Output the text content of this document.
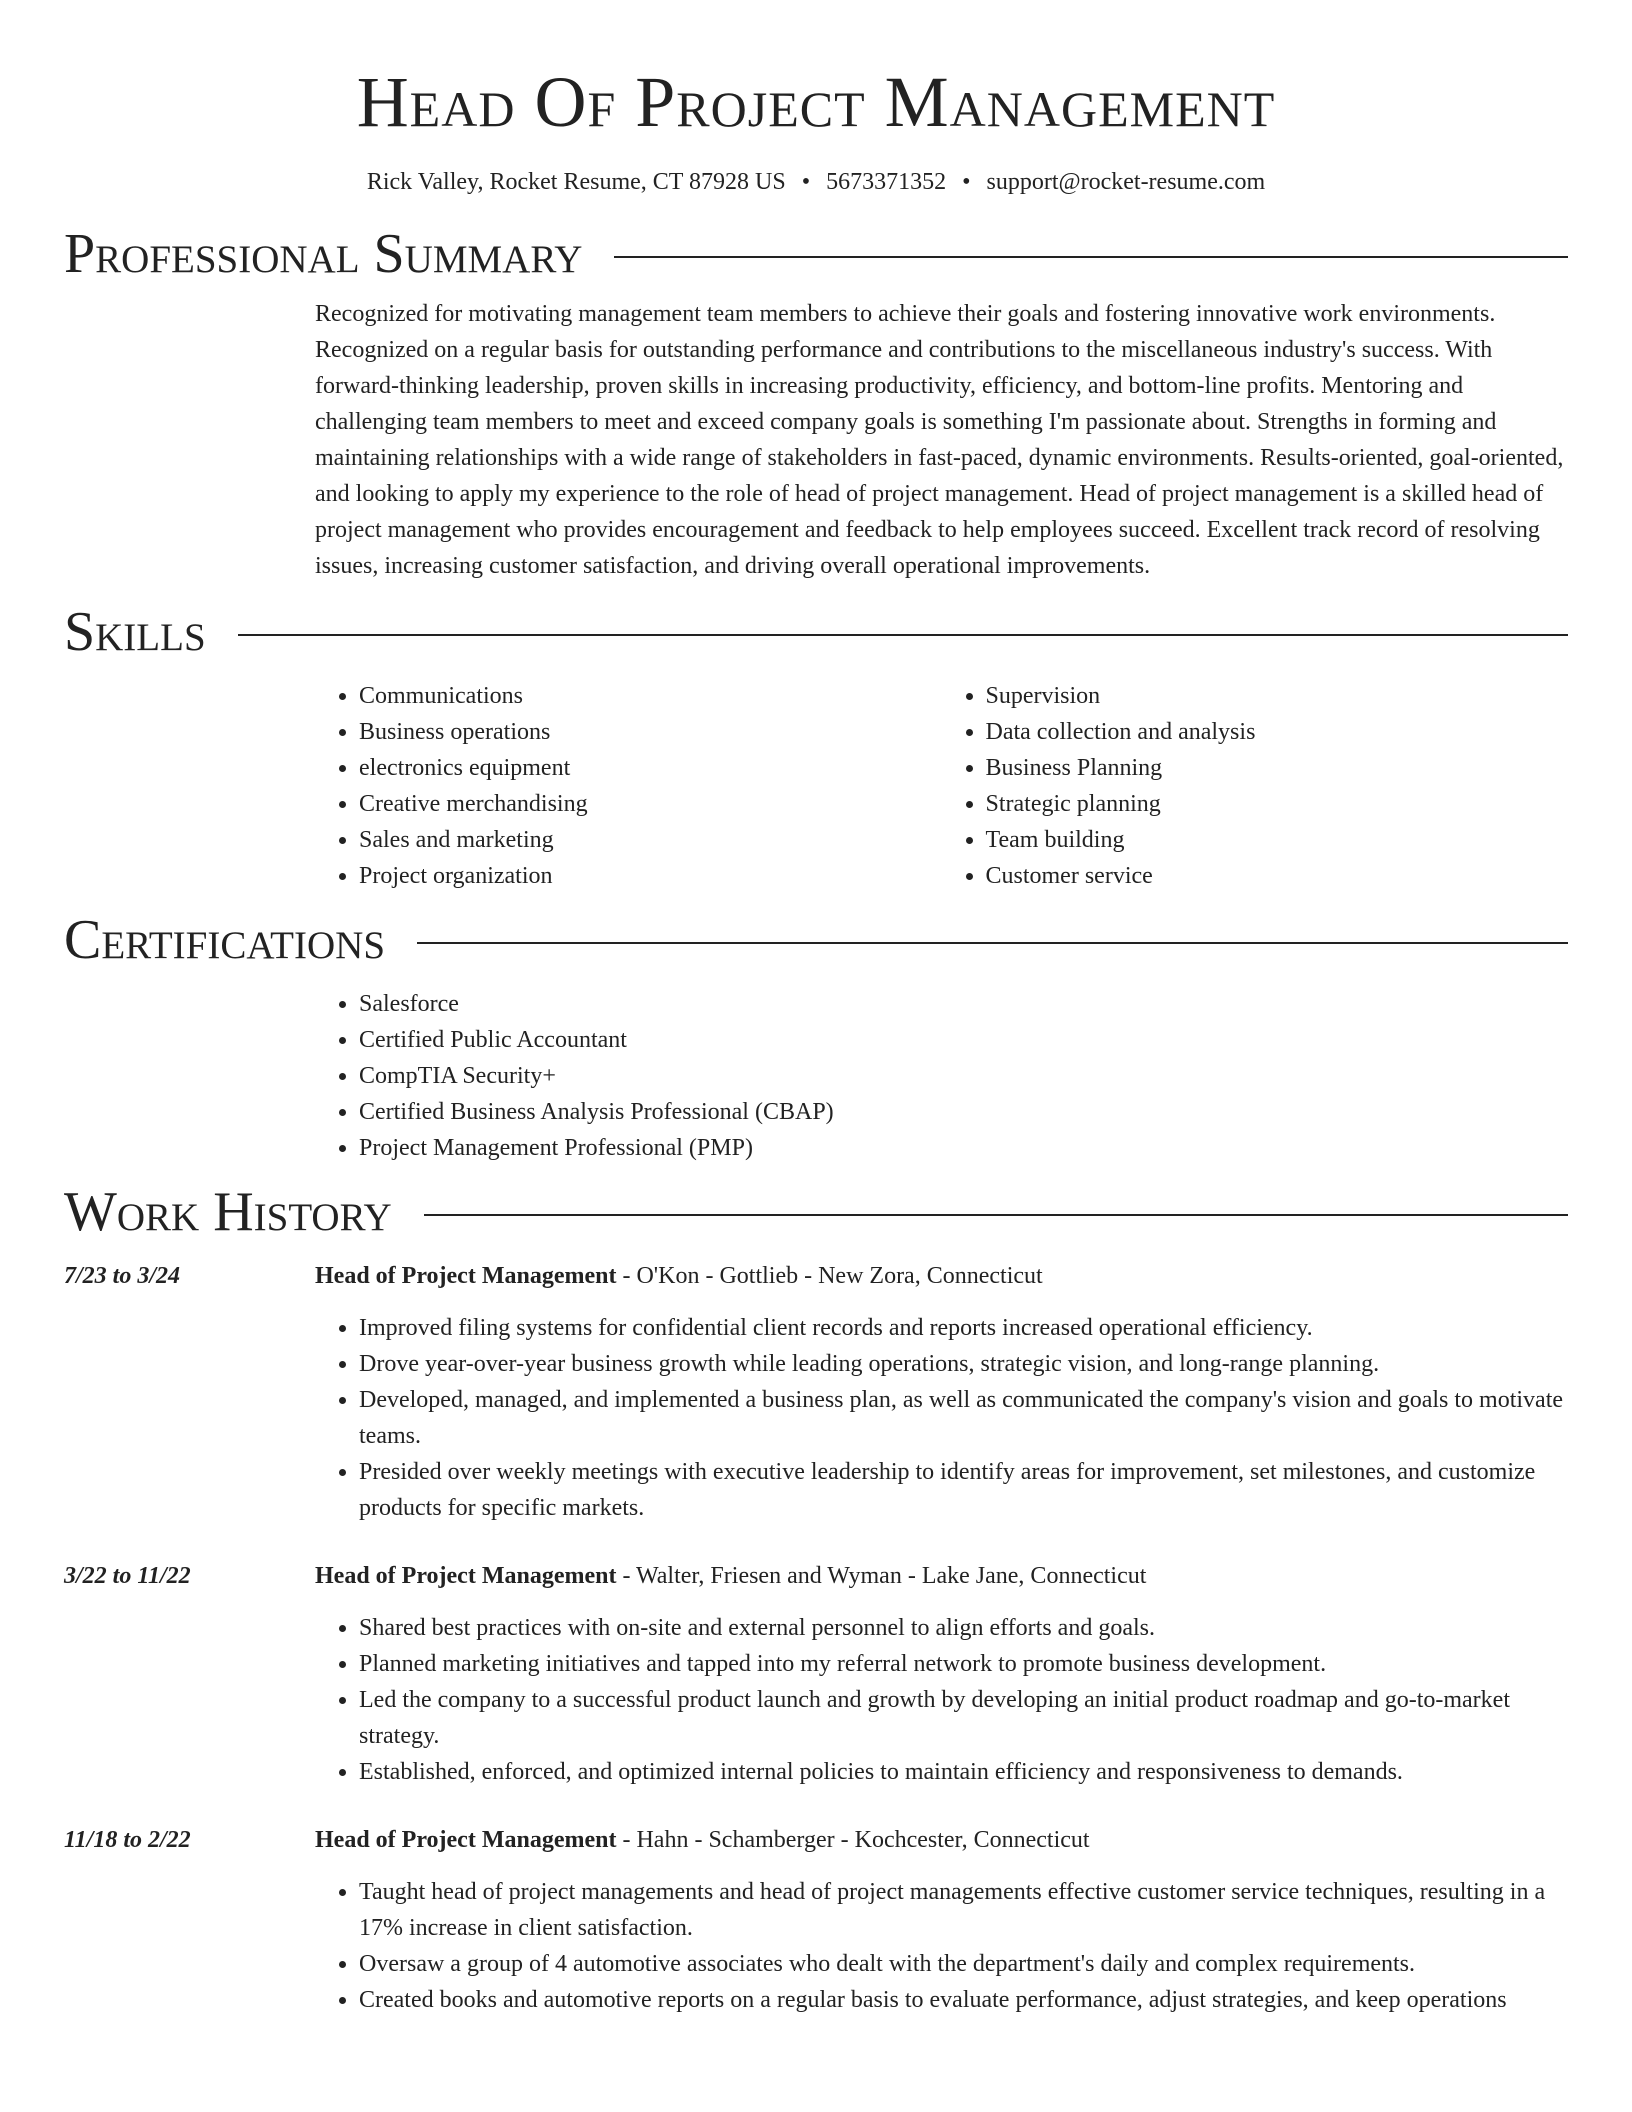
Head Of Project Management
Rick Valley, Rocket Resume, CT 87928 US • 5673371352 • support@rocket-resume.com
Professional Summary

Recognized for motivating management team members to achieve their goals and fostering innovative work environments. Recognized on a regular basis for outstanding performance and contributions to the miscellaneous industry's success. With forward-thinking leadership, proven skills in increasing productivity, efficiency, and bottom-line profits. Mentoring and challenging team members to meet and exceed company goals is something I'm passionate about. Strengths in forming and maintaining relationships with a wide range of stakeholders in fast-paced, dynamic environments. Results-oriented, goal-oriented, and looking to apply my experience to the role of head of project management. Head of project management is a skilled head of project management who provides encouragement and feedback to help employees succeed. Excellent track record of resolving issues, increasing customer satisfaction, and driving overall operational improvements.

Skills
• Communications
• Business operations
• electronics equipment
• Creative merchandising
• Sales and marketing
• Project organization
• Supervision
• Data collection and analysis
• Business Planning
• Strategic planning
• Team building
• Customer service
Certifications
• Salesforce
• Certified Public Accountant
• CompTIA Security+
• Certified Business Analysis Professional (CBAP)
• Project Management Professional (PMP)
Work History
7/23 to 3/24	Head of Project Management - O'Kon - Gottlieb - New Zora, Connecticut

• Improved filing systems for confidential client records and reports increased operational efficiency.
• Drove year-over-year business growth while leading operations, strategic vision, and long-range planning.
• Developed, managed, and implemented a business plan, as well as communicated the company's vision and goals to motivate teams.
• Presided over weekly meetings with executive leadership to identify areas for improvement, set milestones, and customize products for specific markets.
3/22 to 11/22	Head of Project Management - Walter, Friesen and Wyman - Lake Jane, Connecticut

• Shared best practices with on-site and external personnel to align efforts and goals.
• Planned marketing initiatives and tapped into my referral network to promote business development.
• Led the company to a successful product launch and growth by developing an initial product roadmap and go-to-market strategy.
• Established, enforced, and optimized internal policies to maintain efficiency and responsiveness to demands.
11/18 to 2/22	Head of Project Management - Hahn - Schamberger - Kochcester, Connecticut

• Taught head of project managements and head of project managements effective customer service techniques, resulting in a 17% increase in client satisfaction.
• Oversaw a group of 4 automotive associates who dealt with the department's daily and complex requirements.
• Created books and automotive reports on a regular basis to evaluate performance, adjust strategies, and keep operations
